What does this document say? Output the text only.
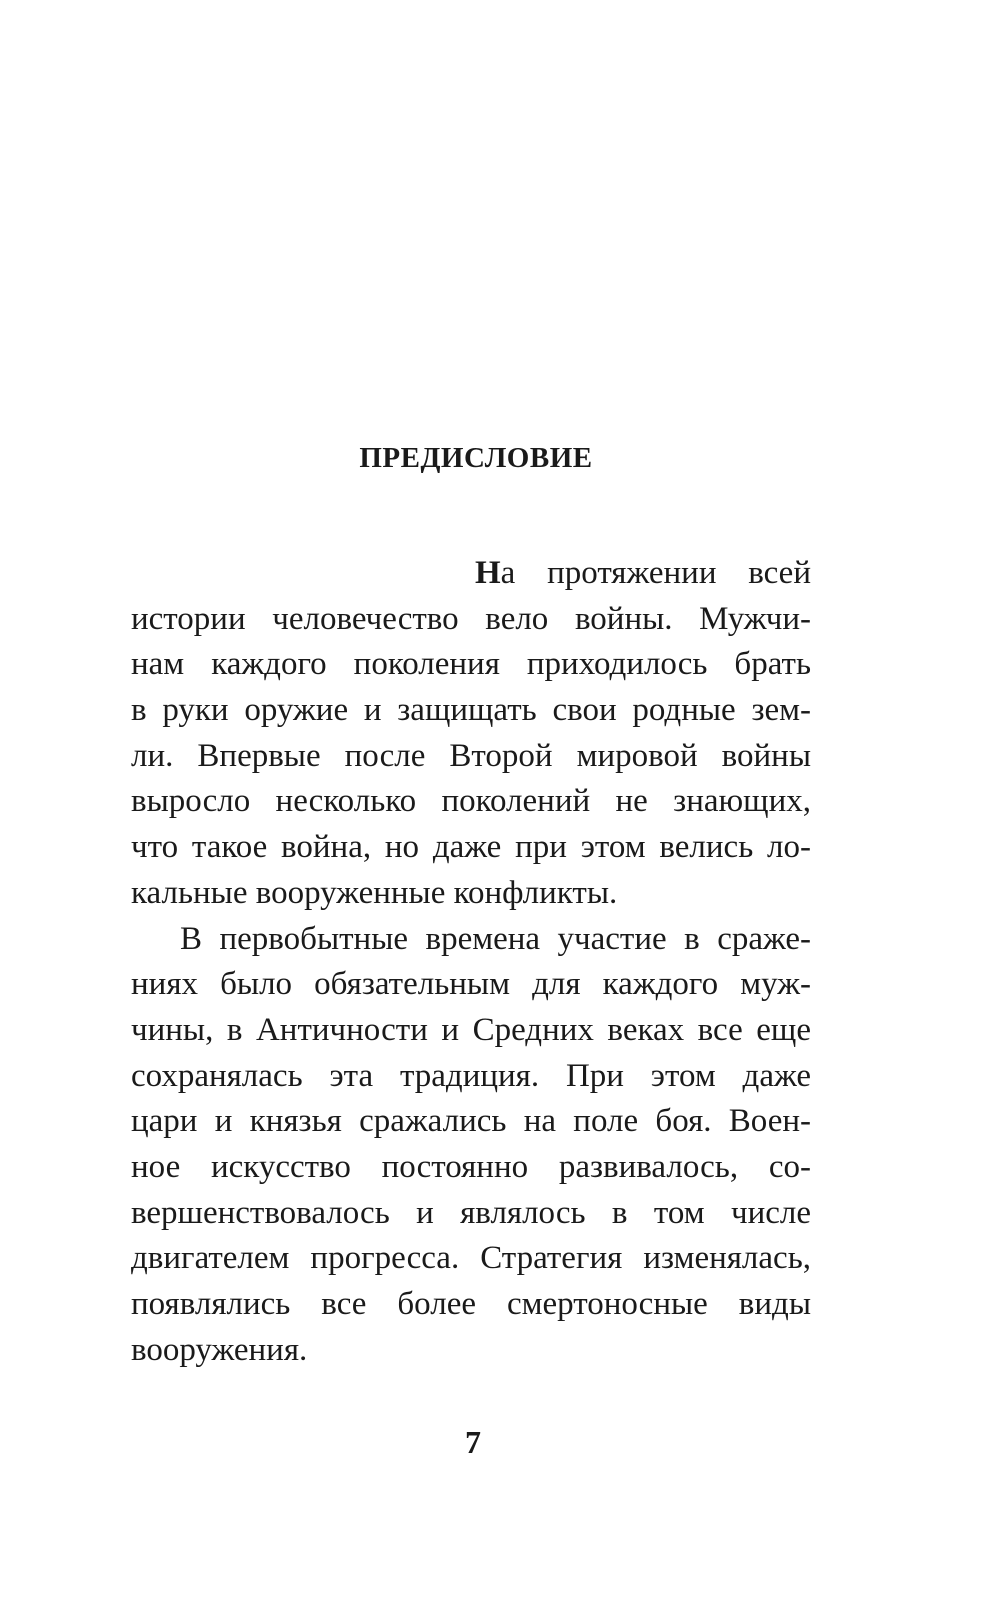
ПРЕДИСЛОВИЕ
На протяжении всей
истории человечество вело войны. Мужчи-
нам каждого поколения приходилось брать
в руки оружие и защищать свои родные зем-
ли. Впервые после Второй мировой войны
выросло несколько поколений не знающих,
что такое война, но даже при этом велись ло-
кальные вооруженные конфликты.
В первобытные времена участие в сраже-
ниях было обязательным для каждого муж-
чины, в Античности и Средних веках все еще
сохранялась эта традиция. При этом даже
цари и князья сражались на поле боя. Воен-
ное искусство постоянно развивалось, со-
вершенствовалось и являлось в том числе
двигателем прогресса. Стратегия изменялась,
появлялись все более смертоносные виды
вооружения.
7
